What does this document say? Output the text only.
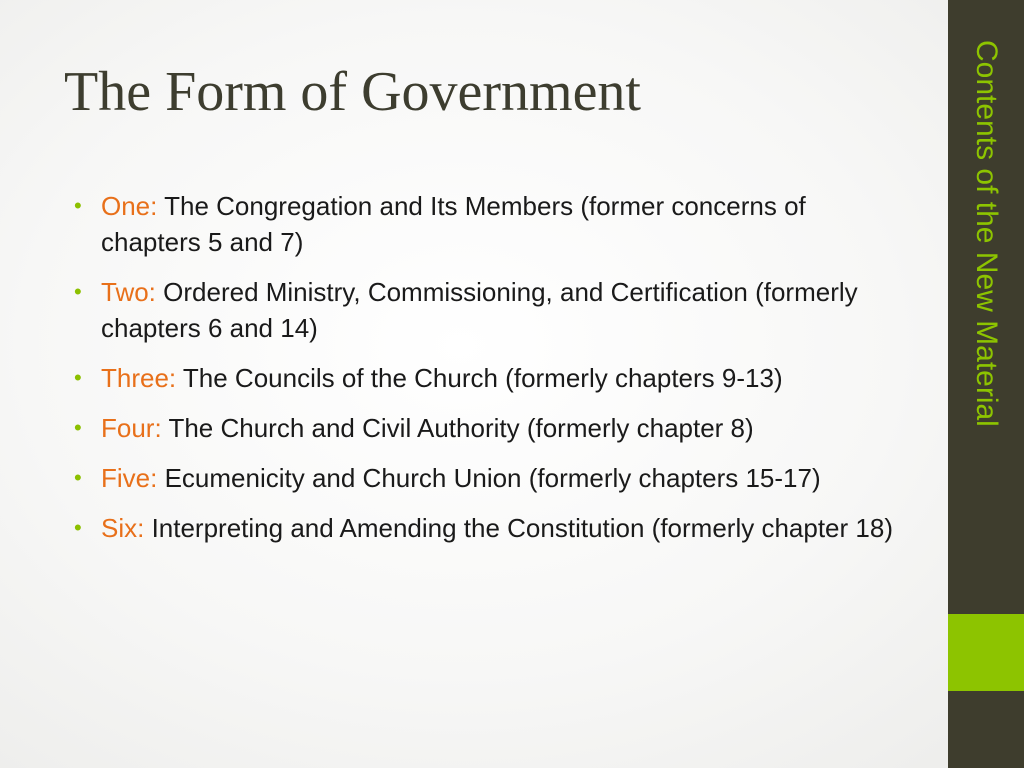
The Form of Government
• One: The Congregation and Its Members (former concerns of chapters 5 and 7)
• Two: Ordered Ministry, Commissioning, and Certification (formerly chapters 6 and 14)
• Three: The Councils of the Church (formerly chapters 9-13)
• Four: The Church and Civil Authority (formerly chapter 8)
• Five: Ecumenicity and Church Union (formerly chapters 15-17)
• Six: Interpreting and Amending the Constitution (formerly chapter 18)
Contents of the New Material
